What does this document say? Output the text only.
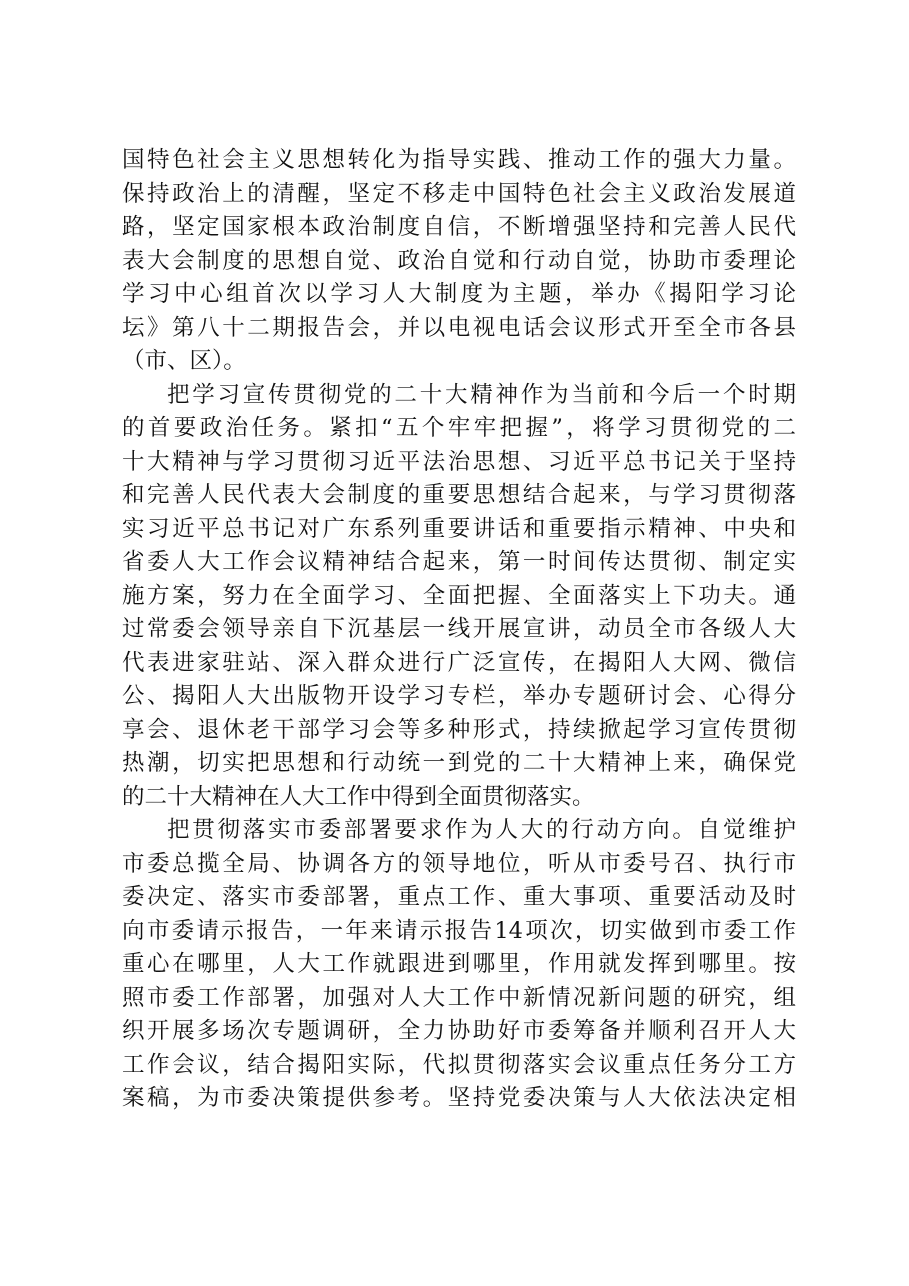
国特色社会主义思想转化为指导实践、推动工作的强大力量。
保持政治上的清醒，坚定不移走中国特色社会主义政治发展道
路，坚定国家根本政治制度自信，不断增强坚持和完善人民代
表大会制度的思想自觉、政治自觉和行动自觉，协助市委理论
学习中心组首次以学习人大制度为主题，举办《揭阳学习论
坛》第八十二期报告会，并以电视电话会议形式开至全市各县
（市、区）。
把学习宣传贯彻党的二十大精神作为当前和今后一个时期
的首要政治任务。紧扣“五个牢牢把握”，将学习贯彻党的二
十大精神与学习贯彻习近平法治思想、习近平总书记关于坚持
和完善人民代表大会制度的重要思想结合起来，与学习贯彻落
实习近平总书记对广东系列重要讲话和重要指示精神、中央和
省委人大工作会议精神结合起来，第一时间传达贯彻、制定实
施方案，努力在全面学习、全面把握、全面落实上下功夫。通
过常委会领导亲自下沉基层一线开展宣讲，动员全市各级人大
代表进家驻站、深入群众进行广泛宣传，在揭阳人大网、微信
公、揭阳人大出版物开设学习专栏，举办专题研讨会、心得分
享会、退休老干部学习会等多种形式，持续掀起学习宣传贯彻
热潮，切实把思想和行动统一到党的二十大精神上来，确保党
的二十大精神在人大工作中得到全面贯彻落实。
把贯彻落实市委部署要求作为人大的行动方向。自觉维护
市委总揽全局、协调各方的领导地位，听从市委号召、执行市
委决定、落实市委部署，重点工作、重大事项、重要活动及时
向市委请示报告，一年来请示报告14项次，切实做到市委工作
重心在哪里，人大工作就跟进到哪里，作用就发挥到哪里。按
照市委工作部署，加强对人大工作中新情况新问题的研究，组
织开展多场次专题调研，全力协助好市委筹备并顺利召开人大
工作会议，结合揭阳实际，代拟贯彻落实会议重点任务分工方
案稿，为市委决策提供参考。坚持党委决策与人大依法决定相
